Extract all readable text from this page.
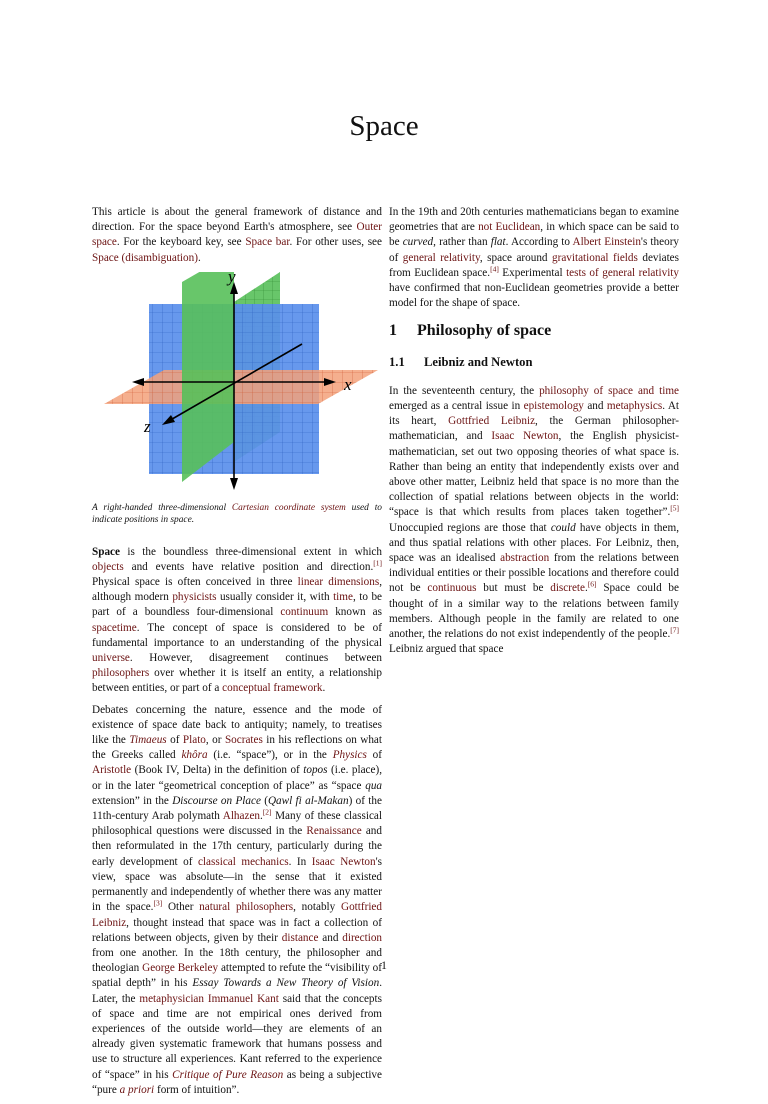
Space

This article is about the general framework of distance and direction. For the space beyond Earth's atmosphere, see Outer space. For the keyboard key, see Space bar. For other uses, see Space (disambiguation).

y
x
z

A right-handed three-dimensional Cartesian coordinate system used to indicate positions in space.

Space is the boundless three-dimensional extent in which objects and events have relative position and direction.[1] Physical space is often conceived in three linear dimensions, although modern physicists usually consider it, with time, to be part of a boundless four-dimensional continuum known as spacetime. The concept of space is considered to be of fundamental importance to an understanding of the physical universe. However, disagreement continues between philosophers over whether it is itself an entity, a relationship between entities, or part of a conceptual framework.

Debates concerning the nature, essence and the mode of existence of space date back to antiquity; namely, to treatises like the Timaeus of Plato, or Socrates in his reflections on what the Greeks called khôra (i.e. “space”), or in the Physics of Aristotle (Book IV, Delta) in the definition of topos (i.e. place), or in the later “geometrical conception of place” as “space qua extension” in the Discourse on Place (Qawl fi al-Makan) of the 11th-century Arab polymath Alhazen.[2] Many of these classical philosophical questions were discussed in the Renaissance and then reformulated in the 17th century, particularly during the early development of classical mechanics. In Isaac Newton's view, space was absolute—in the sense that it existed permanently and independently of whether there was any matter in the space.[3] Other natural philosophers, notably Gottfried Leibniz, thought instead that space was in fact a collection of relations between objects, given by their distance and direction from one another. In the 18th century, the philosopher and theologian George Berkeley attempted to refute the “visibility of spatial depth” in his Essay Towards a New Theory of Vision. Later, the metaphysician Immanuel Kant said that the concepts of space and time are not empirical ones derived from experiences of the outside world—they are elements of an already given systematic framework that humans possess and use to structure all experiences. Kant referred to the experience of “space” in his Critique of Pure Reason as being a subjective “pure a priori form of intuition”.

In the 19th and 20th centuries mathematicians began to examine geometries that are not Euclidean, in which space can be said to be curved, rather than flat. According to Albert Einstein's theory of general relativity, space around gravitational fields deviates from Euclidean space.[4] Experimental tests of general relativity have confirmed that non-Euclidean geometries provide a better model for the shape of space.

1 Philosophy of space
1.1 Leibniz and Newton

In the seventeenth century, the philosophy of space and time emerged as a central issue in epistemology and metaphysics. At its heart, Gottfried Leibniz, the German philosopher-mathematician, and Isaac Newton, the English physicist-mathematician, set out two opposing theories of what space is. Rather than being an entity that independently exists over and above other matter, Leibniz held that space is no more than the collection of spatial relations between objects in the world: “space is that which results from places taken together”.[5] Unoccupied regions are those that could have objects in them, and thus spatial relations with other places. For Leibniz, then, space was an idealised abstraction from the relations between individual entities or their possible locations and therefore could not be continuous but must be discrete.[6] Space could be thought of in a similar way to the relations between family members. Although people in the family are related to one another, the relations do not exist independently of the people.[7] Leibniz argued that space

1
